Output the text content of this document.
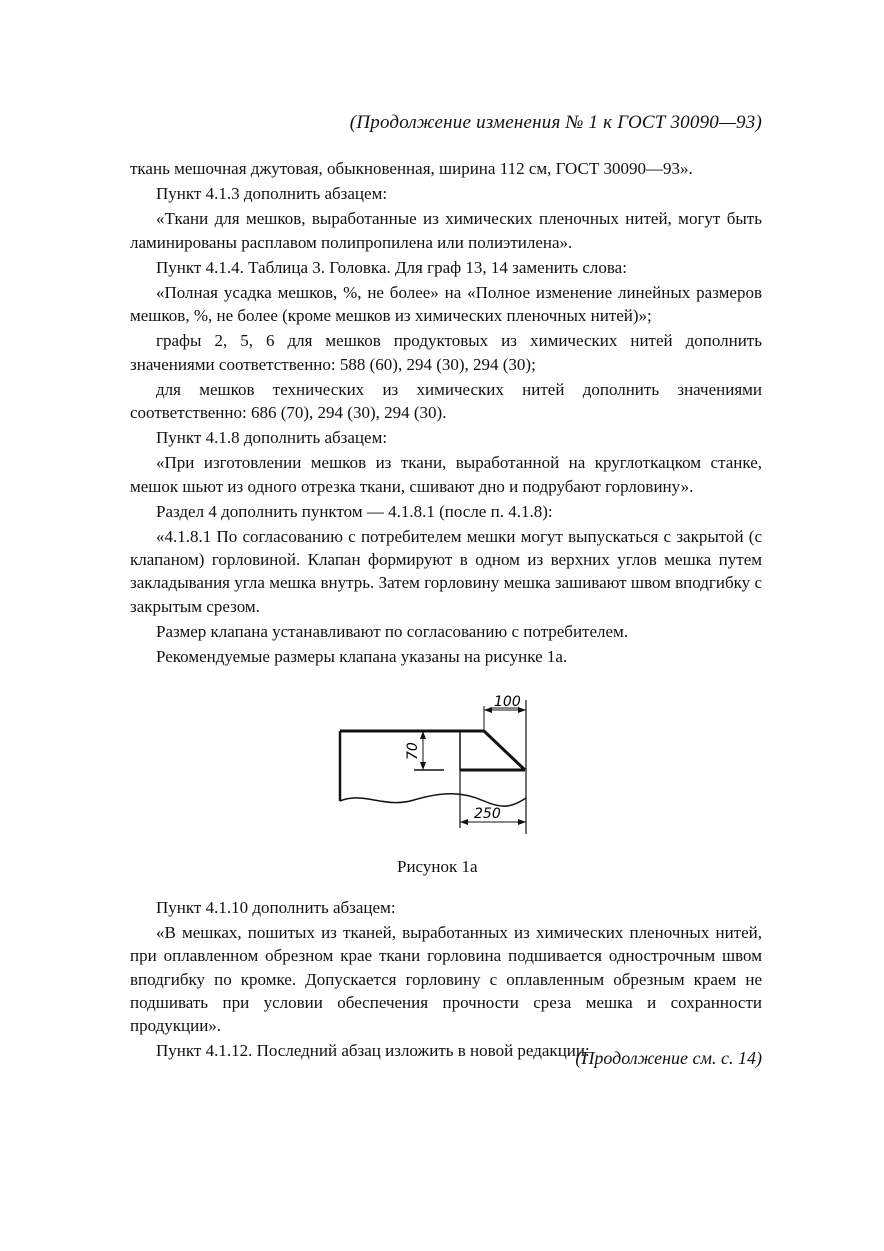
(Продолжение изменения № 1 к ГОСТ 30090—93)

ткань мешочная джутовая, обыкновенная, ширина 112 см, ГОСТ 30090—93».

Пункт 4.1.3 дополнить абзацем:

«Ткани для мешков, выработанные из химических пленочных нитей, могут быть ламинированы расплавом полипропилена или полиэтилена».

Пункт 4.1.4. Таблица 3. Головка. Для граф 13, 14 заменить слова:

«Полная усадка мешков, %, не более» на «Полное изменение линейных размеров мешков, %, не более (кроме мешков из химических пленочных нитей)»;

графы 2, 5, 6 для мешков продуктовых из химических нитей дополнить значениями соответственно: 588 (60), 294 (30), 294 (30);

для мешков технических из химических нитей дополнить значениями соответственно: 686 (70), 294 (30), 294 (30).

Пункт 4.1.8 дополнить абзацем:

«При изготовлении мешков из ткани, выработанной на круглоткацком станке, мешок шьют из одного отрезка ткани, сшивают дно и подрубают горловину».

Раздел 4 дополнить пунктом — 4.1.8.1 (после п. 4.1.8):

«4.1.8.1 По согласованию с потребителем мешки могут выпускаться с закрытой (с клапаном) горловиной. Клапан формируют в одном из верхних углов мешка путем закладывания угла мешка внутрь. Затем горловину мешка зашивают швом вподгибку с закрытым срезом.

Размер клапана устанавливают по согласованию с потребителем.

Рекомендуемые размеры клапана указаны на рисунке 1а.

100
70
250
Рисунок 1а

Пункт 4.1.10 дополнить абзацем:

«В мешках, пошитых из тканей, выработанных из химических пленочных нитей, при оплавленном обрезном крае ткани горловина подшивается однострочным швом вподгибку по кромке. Допускается горловину с оплавленным обрезным краем не подшивать при условии обеспечения прочности среза мешка и сохранности продукции».

Пункт 4.1.12. Последний абзац изложить в новой редакции:

(Продолжение см. с. 14)
